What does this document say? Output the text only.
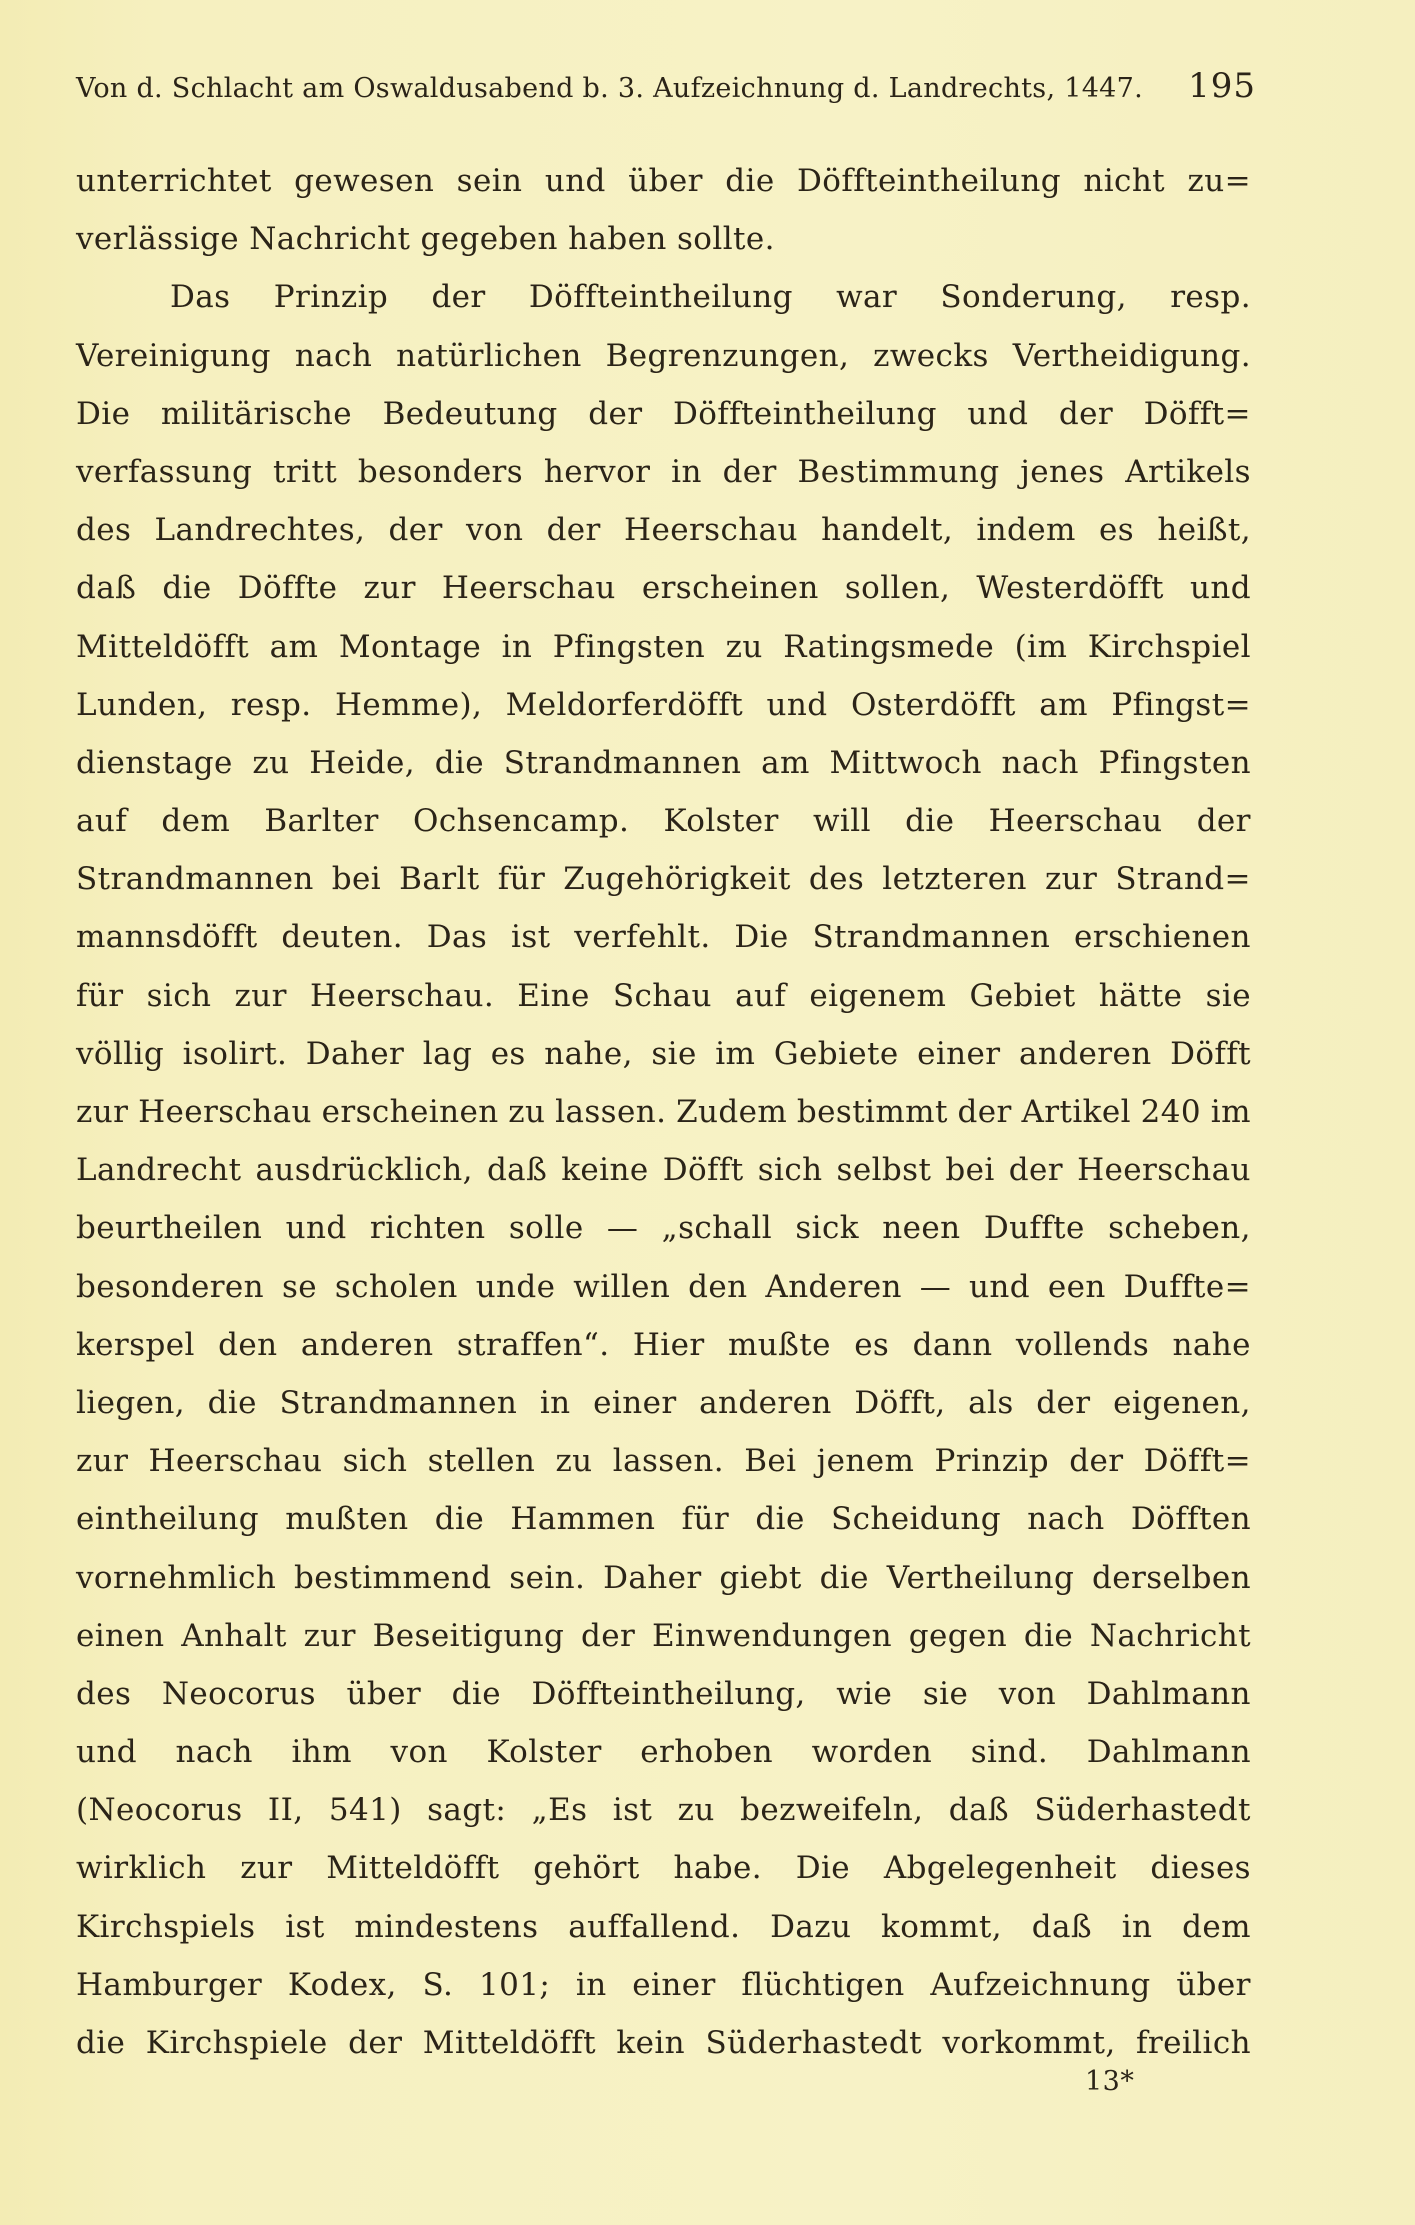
Von d. Schlacht am Oswaldusabend b. 3. Aufzeichnung d. Landrechts, 1447. 195
unterrichtet gewesen sein und über die Döffteintheilung nicht zu=
verlässige Nachricht gegeben haben sollte.
Das Prinzip der Döffteintheilung war Sonderung, resp.
Vereinigung nach natürlichen Begrenzungen, zwecks Vertheidigung.
Die militärische Bedeutung der Döffteintheilung und der Döfft=
verfassung tritt besonders hervor in der Bestimmung jenes Artikels
des Landrechtes, der von der Heerschau handelt, indem es heißt,
daß die Döffte zur Heerschau erscheinen sollen, Westerdöfft und
Mitteldöfft am Montage in Pfingsten zu Ratingsmede (im Kirchspiel
Lunden, resp. Hemme), Meldorferdöfft und Osterdöfft am Pfingst=
dienstage zu Heide, die Strandmannen am Mittwoch nach Pfingsten
auf dem Barlter Ochsencamp. Kolster will die Heerschau der
Strandmannen bei Barlt für Zugehörigkeit des letzteren zur Strand=
mannsdöfft deuten. Das ist verfehlt. Die Strandmannen erschienen
für sich zur Heerschau. Eine Schau auf eigenem Gebiet hätte sie
völlig isolirt. Daher lag es nahe, sie im Gebiete einer anderen Döfft
zur Heerschau erscheinen zu lassen. Zudem bestimmt der Artikel 240 im
Landrecht ausdrücklich, daß keine Döfft sich selbst bei der Heerschau
beurtheilen und richten solle — „schall sick neen Duffte scheben,
besonderen se scholen unde willen den Anderen — und een Duffte=
kerspel den anderen straffen“. Hier mußte es dann vollends nahe
liegen, die Strandmannen in einer anderen Döfft, als der eigenen,
zur Heerschau sich stellen zu lassen. Bei jenem Prinzip der Döfft=
eintheilung mußten die Hammen für die Scheidung nach Döfften
vornehmlich bestimmend sein. Daher giebt die Vertheilung derselben
einen Anhalt zur Beseitigung der Einwendungen gegen die Nachricht
des Neocorus über die Döffteintheilung, wie sie von Dahlmann
und nach ihm von Kolster erhoben worden sind. Dahlmann
(Neocorus II, 541) sagt: „Es ist zu bezweifeln, daß Süderhastedt
wirklich zur Mitteldöfft gehört habe. Die Abgelegenheit dieses
Kirchspiels ist mindestens auffallend. Dazu kommt, daß in dem
Hamburger Kodex, S. 101; in einer flüchtigen Aufzeichnung über
die Kirchspiele der Mitteldöfft kein Süderhastedt vorkommt, freilich
13*
